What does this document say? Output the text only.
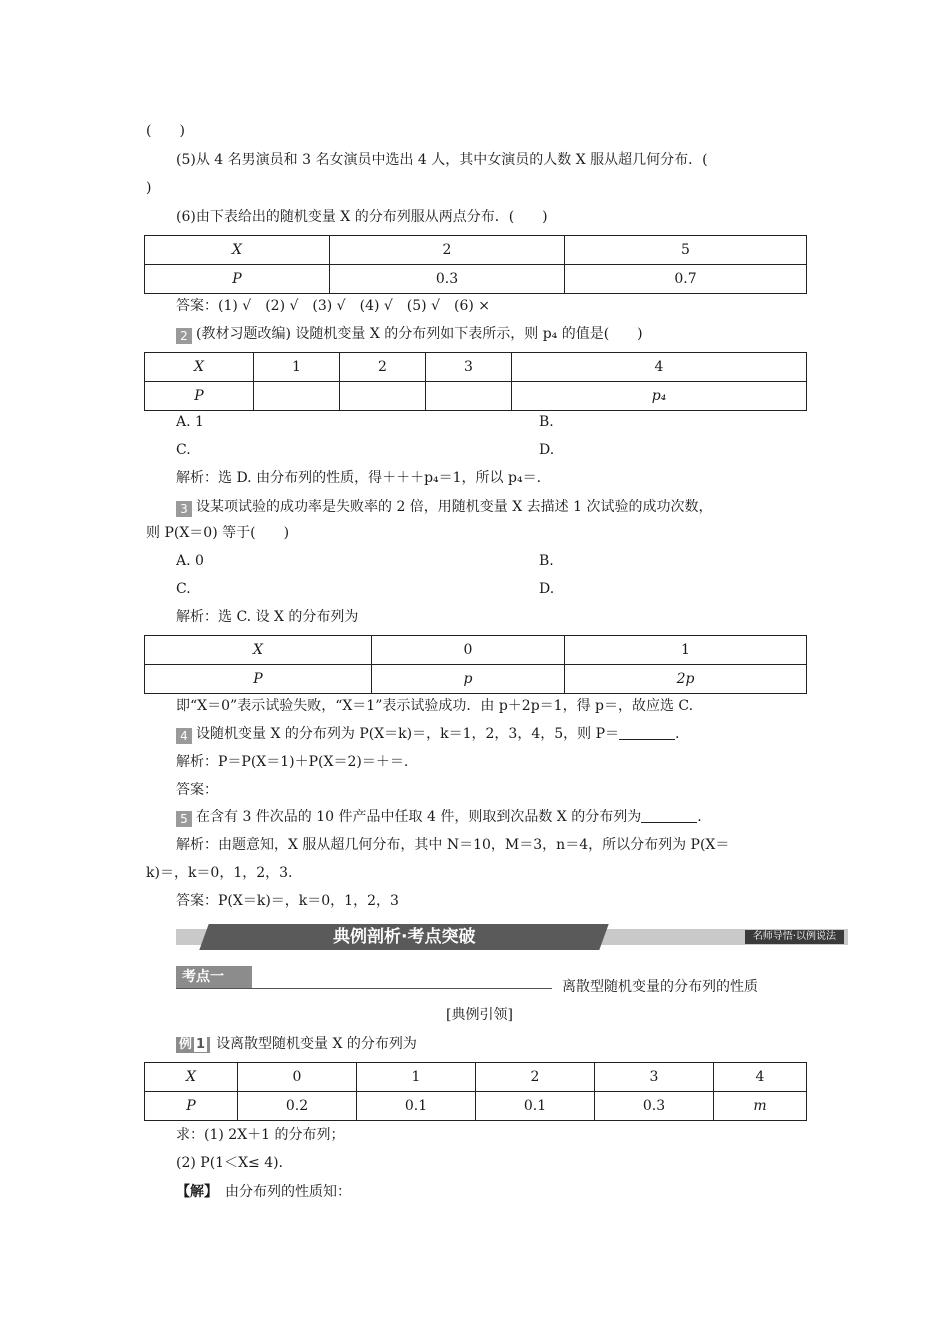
(　　)
(5)从 4 名男演员和 3 名女演员中选出 4 人，其中女演员的人数 X 服从超几何分布．(
)
(6)由下表给出的随机变量 X 的分布列服从两点分布．(　　)
X	2	5
P	0.3	0.7
答案：(1) √　(2) √　(3) √　(4) √　(5) √　(6) ×
2 (教材习题改编) 设随机变量 X 的分布列如下表所示，则 p₄ 的值是(　　)
X	1	2	3	4
P				p₄
A. 1	B.
C.	D.
解析：选 D. 由分布列的性质，得＋＋＋p₄＝1，所以 p₄＝.
3 设某项试验的成功率是失败率的 2 倍，用随机变量 X 去描述 1 次试验的成功次数，
则 P(X＝0) 等于(　　)
A. 0	B.
C.	D.
解析：选 C. 设 X 的分布列为
X	0	1
P	p	2p
即“X＝0”表示试验失败，“X＝1”表示试验成功．由 p＋2p＝1，得 p＝，故应选 C.
4 设随机变量 X 的分布列为 P(X＝k)＝，k＝1，2，3，4，5，则 P＝	.
解析：P＝P(X＝1)＋P(X＝2)＝＋＝.
答案：
5 在含有 3 件次品的 10 件产品中任取 4 件，则取到次品数 X 的分布列为	.
解析：由题意知，X 服从超几何分布，其中 N＝10，M＝3，n＝4，所以分布列为 P(X＝
k)＝，k＝0，1，2，3.
答案：P(X＝k)＝，k＝0，1，2，3
典例剖析·考点突破	名师导悟·以例说法
考点一
离散型随机变量的分布列的性质
[典例引领]
例 1 设离散型随机变量 X 的分布列为
X	0	1	2	3	4
P	0.2	0.1	0.1	0.3	m
求：(1) 2X＋1 的分布列；
(2) P(1＜X≤ 4)．
【解】　 由分布列的性质知：
